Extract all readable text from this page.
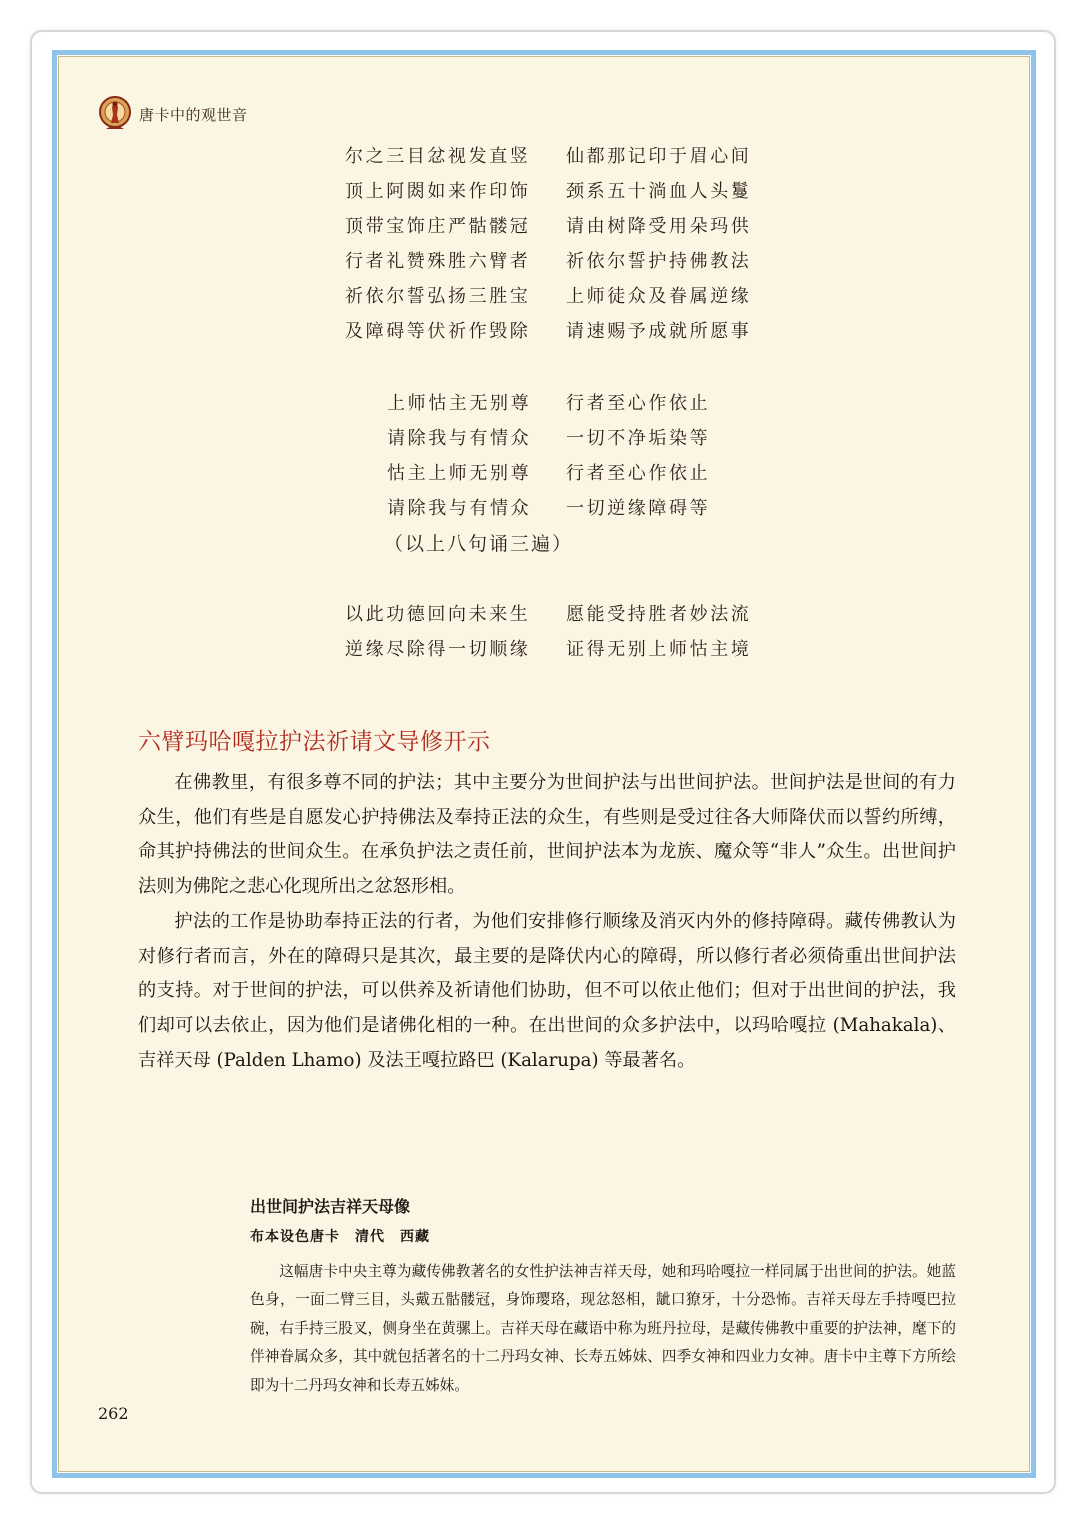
唐卡中的观世音
尔之三目忿视发直竖 仙都那记印于眉心间
顶上阿閦如来作印饰 颈系五十淌血人头鬘
顶带宝饰庄严骷髅冠 请由树降受用朵玛供
行者礼赞殊胜六臂者 祈依尔誓护持佛教法
祈依尔誓弘扬三胜宝 上师徒众及眷属逆缘
及障碍等伏祈作毁除 请速赐予成就所愿事
上师怙主无别尊 行者至心作依止
请除我与有情众 一切不净垢染等
怙主上师无别尊 行者至心作依止
请除我与有情众 一切逆缘障碍等
（以上八句诵三遍）
以此功德回向未来生 愿能受持胜者妙法流
逆缘尽除得一切顺缘 证得无别上师怙主境
六臂玛哈嘎拉护法祈请文导修开示

在佛教里，有很多尊不同的护法；其中主要分为世间护法与出世间护法。世间护法是世间的有力众生，他们有些是自愿发心护持佛法及奉持正法的众生，有些则是受过往各大师降伏而以誓约所缚，命其护持佛法的世间众生。在承负护法之责任前，世间护法本为龙族、魔众等“非人”众生。出世间护法则为佛陀之悲心化现所出之忿怒形相。

护法的工作是协助奉持正法的行者，为他们安排修行顺缘及消灭内外的修持障碍。藏传佛教认为对修行者而言，外在的障碍只是其次，最主要的是降伏内心的障碍，所以修行者必须倚重出世间护法的支持。对于世间的护法，可以供养及祈请他们协助，但不可以依止他们；但对于出世间的护法，我们却可以去依止，因为他们是诸佛化相的一种。在出世间的众多护法中，以玛哈嘎拉 (Mahakala)、吉祥天母 (Palden Lhamo) 及法王嘎拉路巴 (Kalarupa) 等最著名。

出世间护法吉祥天母像
布本设色唐卡　清代　西藏

这幅唐卡中央主尊为藏传佛教著名的女性护法神吉祥天母，她和玛哈嘎拉一样同属于出世间的护法。她蓝色身，一面二臂三目，头戴五骷髅冠，身饰璎珞，现忿怒相，龇口獠牙，十分恐怖。吉祥天母左手持嘎巴拉碗，右手持三股叉，侧身坐在黄骡上。吉祥天母在藏语中称为班丹拉母，是藏传佛教中重要的护法神，麾下的伴神眷属众多，其中就包括著名的十二丹玛女神、长寿五姊妹、四季女神和四业力女神。唐卡中主尊下方所绘即为十二丹玛女神和长寿五姊妹。

262
